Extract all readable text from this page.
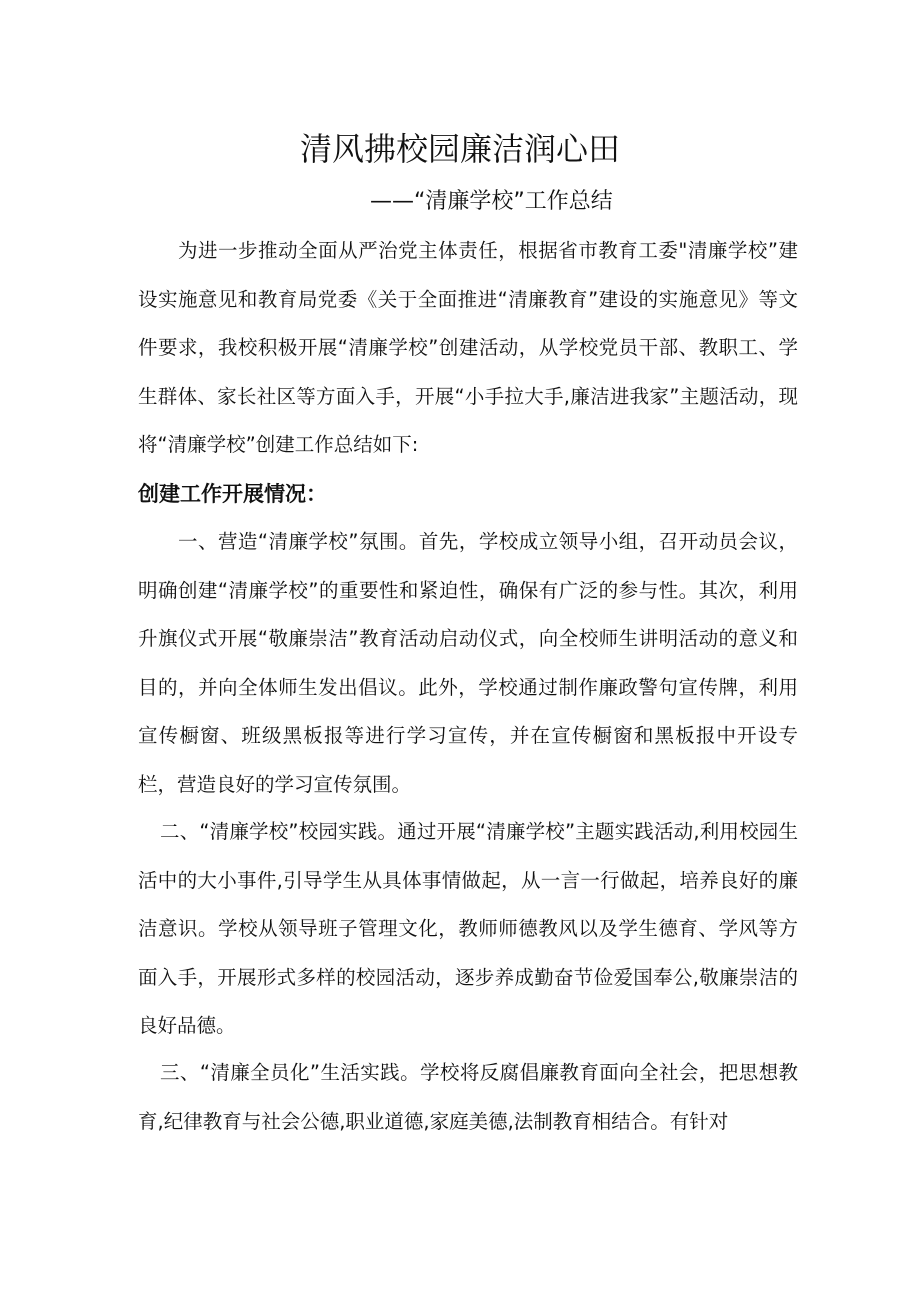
清风拂校园廉洁润心田
——“清廉学校”工作总结
为进一步推动全面从严治党主体责任，根据省市教育工委"清廉学校”建设实施意见和教育局党委《关于全面推进“清廉教育”建设的实施意见》等文件要求，我校积极开展“清廉学校”创建活动，从学校党员干部、教职工、学生群体、家长社区等方面入手，开展“小手拉大手,廉洁进我家”主题活动，现将“清廉学校”创建工作总结如下:
创建工作开展情况：
一、营造“清廉学校”氛围。首先，学校成立领导小组，召开动员会议，明确创建“清廉学校”的重要性和紧迫性，确保有广泛的参与性。其次，利用升旗仪式开展“敬廉崇洁”教育活动启动仪式，向全校师生讲明活动的意义和目的，并向全体师生发出倡议。此外，学校通过制作廉政警句宣传牌，利用宣传橱窗、班级黑板报等进行学习宣传，并在宣传橱窗和黑板报中开设专栏，营造良好的学习宣传氛围。
二、“清廉学校”校园实践。通过开展“清廉学校”主题实践活动,利用校园生活中的大小事件,引导学生从具体事情做起，从一言一行做起，培养良好的廉洁意识。学校从领导班子管理文化，教师师德教风以及学生德育、学风等方面入手，开展形式多样的校园活动，逐步养成勤奋节俭爱国奉公,敬廉崇洁的良好品德。
三、“清廉全员化”生活实践。学校将反腐倡廉教育面向全社会，把思想教育,纪律教育与社会公德,职业道德,家庭美德,法制教育相结合。有针对
